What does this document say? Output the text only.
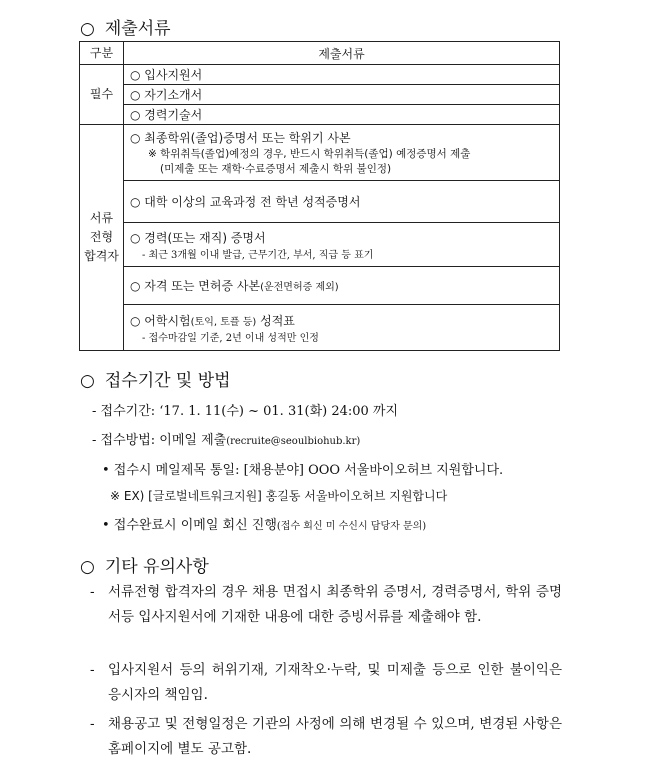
○ 제출서류
구분	제출서류
필수	○ 입사지원서
	○ 자기소개서
	○ 경력기술서
서류
전형
합격자	○ 최종학위(졸업)증명서 또는 학위기 사본
※ 학위취득(졸업)예정의 경우, 반드시 학위취득(졸업) 예정증명서 제출
(미제출 또는 재학·수료증명서 제출시 학위 불인정)

	○ 대학 이상의 교육과정 전 학년 성적증명서

	○ 경력(또는 재직) 증명서
- 최근 3개월 이내 발급, 근무기간, 부서, 직급 등 표기

	○ 자격 또는 면허증 사본(운전면허증 제외)

	○ 어학시험(토익, 토플 등) 성적표
- 접수마감일 기준, 2년 이내 성적만 인정
○ 접수기간 및 방법
- 접수기간: ‘17. 1. 11(수) ~ 01. 31(화) 24:00 까지
- 접수방법: 이메일 제출(recruite@seoulbiohub.kr)
• 접수시 메일제목 통일: [채용분야] OOO 서울바이오허브 지원합니다.
※ EX) [글로벌네트워크지원] 홍길동 서울바이오허브 지원합니다
• 접수완료시 이메일 회신 진행(접수 회신 미 수신시 담당자 문의)
○ 기타 유의사항
- 서류전형 합격자의 경우 채용 면접시 최종학위 증명서, 경력증명서, 학위 증명서등 입사지원서에 기재한 내용에 대한 증빙서류를 제출해야 함.
- 입사지원서 등의 허위기재, 기재착오·누락, 및 미제출 등으로 인한 불이익은 응시자의 책임임.
- 채용공고 및 전형일정은 기관의 사정에 의해 변경될 수 있으며, 변경된 사항은 홈페이지에 별도 공고함.
